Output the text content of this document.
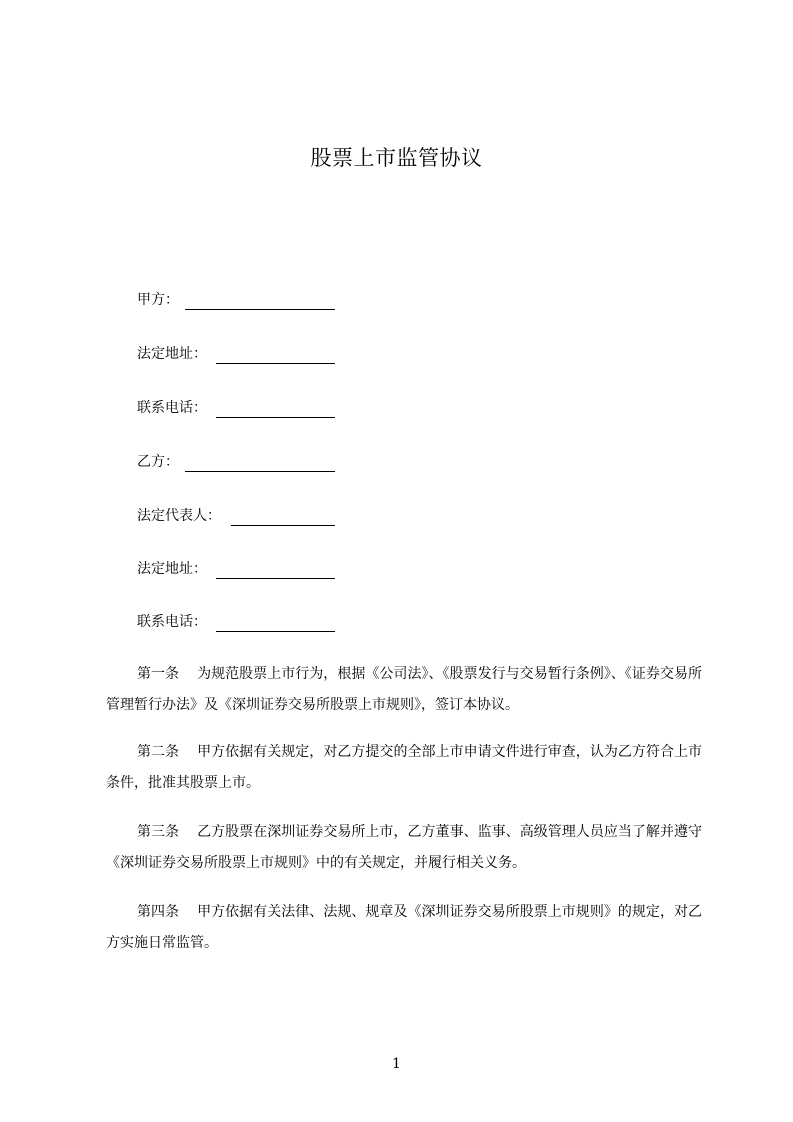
股票上市监管协议
甲方：
法定地址：
联系电话：
乙方：
法定代表人：
法定地址：
联系电话：
第一条 为规范股票上市行为，根据《公司法》、《股票发行与交易暂行条例》、《证券交易所管理暂行办法》及《深圳证券交易所股票上市规则》，签订本协议。
第二条 甲方依据有关规定，对乙方提交的全部上市申请文件进行审查，认为乙方符合上市条件，批准其股票上市。
第三条 乙方股票在深圳证券交易所上市，乙方董事、监事、高级管理人员应当了解并遵守《深圳证券交易所股票上市规则》中的有关规定，并履行相关义务。
第四条 甲方依据有关法律、法规、规章及《深圳证券交易所股票上市规则》的规定，对乙方实施日常监管。
1
